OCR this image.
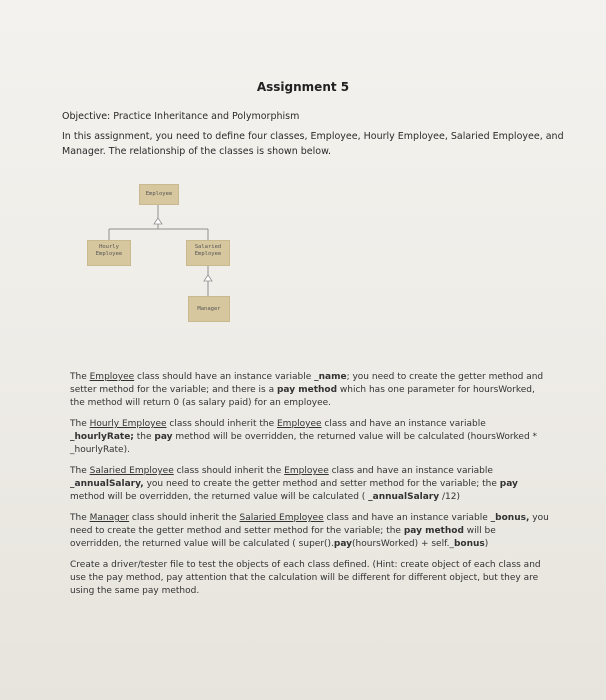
Assignment 5
Objective: Practice Inheritance and Polymorphism
In this assignment, you need to define four classes, Employee, Hourly Employee, Salaried Employee, and
Manager. The relationship of the classes is shown below.
Employee
Hourly
Employee
Salaried
Employee
Manager

The Employee class should have an instance variable _name; you need to create the getter method and setter method for the variable; and there is a pay method which has one parameter for hoursWorked, the method will return 0 (as salary paid) for an employee.

The Hourly Employee class should inherit the Employee class and have an instance variable _hourlyRate; the pay method will be overridden, the returned value will be calculated (hoursWorked * _hourlyRate).

The Salaried Employee class should inherit the Employee class and have an instance variable _annualSalary, you need to create the getter method and setter method for the variable; the pay method will be overridden, the returned value will be calculated ( _annualSalary /12)

The Manager class should inherit the Salaried Employee class and have an instance variable _bonus, you need to create the getter method and setter method for the variable; the pay method will be overridden, the returned value will be calculated ( super().pay(hoursWorked) + self._bonus)

Create a driver/tester file to test the objects of each class defined. (Hint: create object of each class and use the pay method, pay attention that the calculation will be different for different object, but they are using the same pay method.
